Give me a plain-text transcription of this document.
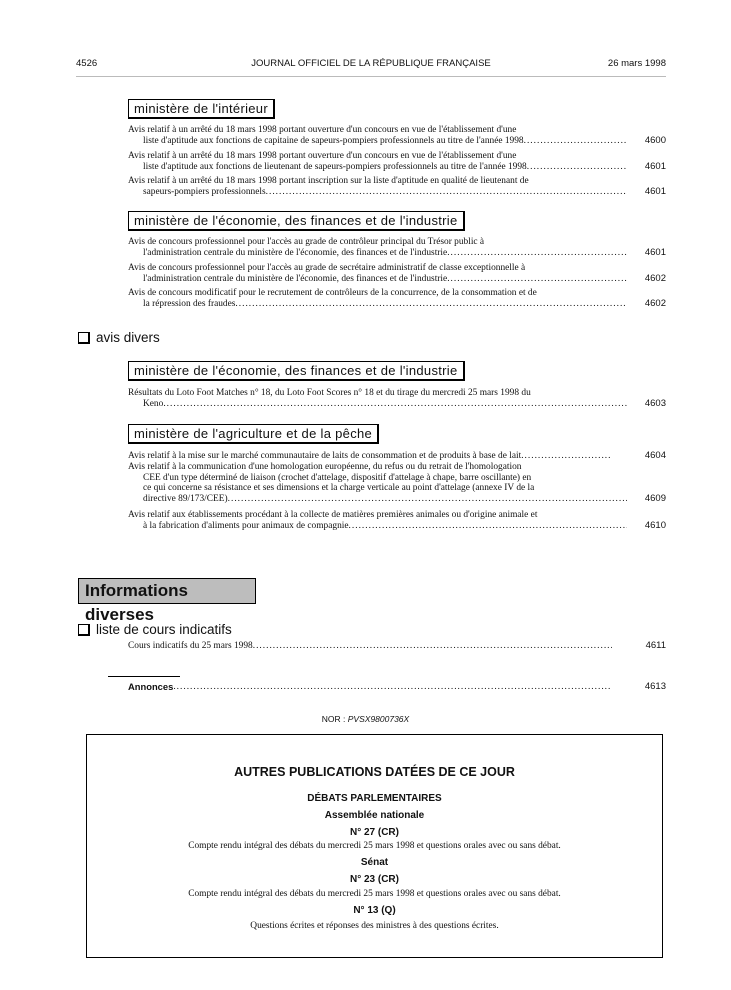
4526	JOURNAL OFFICIEL DE LA RÉPUBLIQUE FRANÇAISE	26 mars 1998
ministère de l'intérieur
Avis relatif à un arrêté du 18 mars 1998 portant ouverture d'un concours en vue de l'établissement d'une
liste d'aptitude aux fonctions de capitaine de sapeurs-pompiers professionnels au titre de l'année 1998 .....	4600
Avis relatif à un arrêté du 18 mars 1998 portant ouverture d'un concours en vue de l'établissement d'une
liste d'aptitude aux fonctions de lieutenant de sapeurs-pompiers professionnels au titre de l'année 1998 .....	4601
Avis relatif à un arrêté du 18 mars 1998 portant inscription sur la liste d'aptitude en qualité de lieutenant de
sapeurs-pompiers professionnels .....	4601
ministère de l'économie, des finances et de l'industrie
Avis de concours professionnel pour l'accès au grade de contrôleur principal du Trésor public à
l'administration centrale du ministère de l'économie, des finances et de l'industrie .....	4601
Avis de concours professionnel pour l'accès au grade de secrétaire administratif de classe exceptionnelle à
l'administration centrale du ministère de l'économie, des finances et de l'industrie .....	4602
Avis de concours modificatif pour le recrutement de contrôleurs de la concurrence, de la consommation et de
la répression des fraudes .....	4602
avis divers
ministère de l'économie, des finances et de l'industrie
Résultats du Loto Foot Matches n° 18, du Loto Foot Scores n° 18 et du tirage du mercredi 25 mars 1998 du
Keno .....	4603
ministère de l'agriculture et de la pêche
Avis relatif à la mise sur le marché communautaire de laits de consommation et de produits à base de lait .....	4604
Avis relatif à la communication d'une homologation européenne, du refus ou du retrait de l'homologation
CEE d'un type déterminé de liaison (crochet d'attelage, dispositif d'attelage à chape, barre oscillante) en
ce qui concerne sa résistance et ses dimensions et la charge verticale au point d'attelage (annexe IV de la
directive 89/173/CEE) .....	4609
Avis relatif aux établissements procédant à la collecte de matières premières animales ou d'origine animale et
à la fabrication d'aliments pour animaux de compagnie .....	4610
Informations diverses
liste de cours indicatifs
Cours indicatifs du 25 mars 1998 .....	4611
Annonces .....	4613
NOR : PVSX9800736X
AUTRES PUBLICATIONS DATÉES DE CE JOUR
DÉBATS PARLEMENTAIRES
Assemblée nationale
N° 27 (CR)
Compte rendu intégral des débats du mercredi 25 mars 1998 et questions orales avec ou sans débat.
Sénat
N° 23 (CR)
Compte rendu intégral des débats du mercredi 25 mars 1998 et questions orales avec ou sans débat.
N° 13 (Q)
Questions écrites et réponses des ministres à des questions écrites.
